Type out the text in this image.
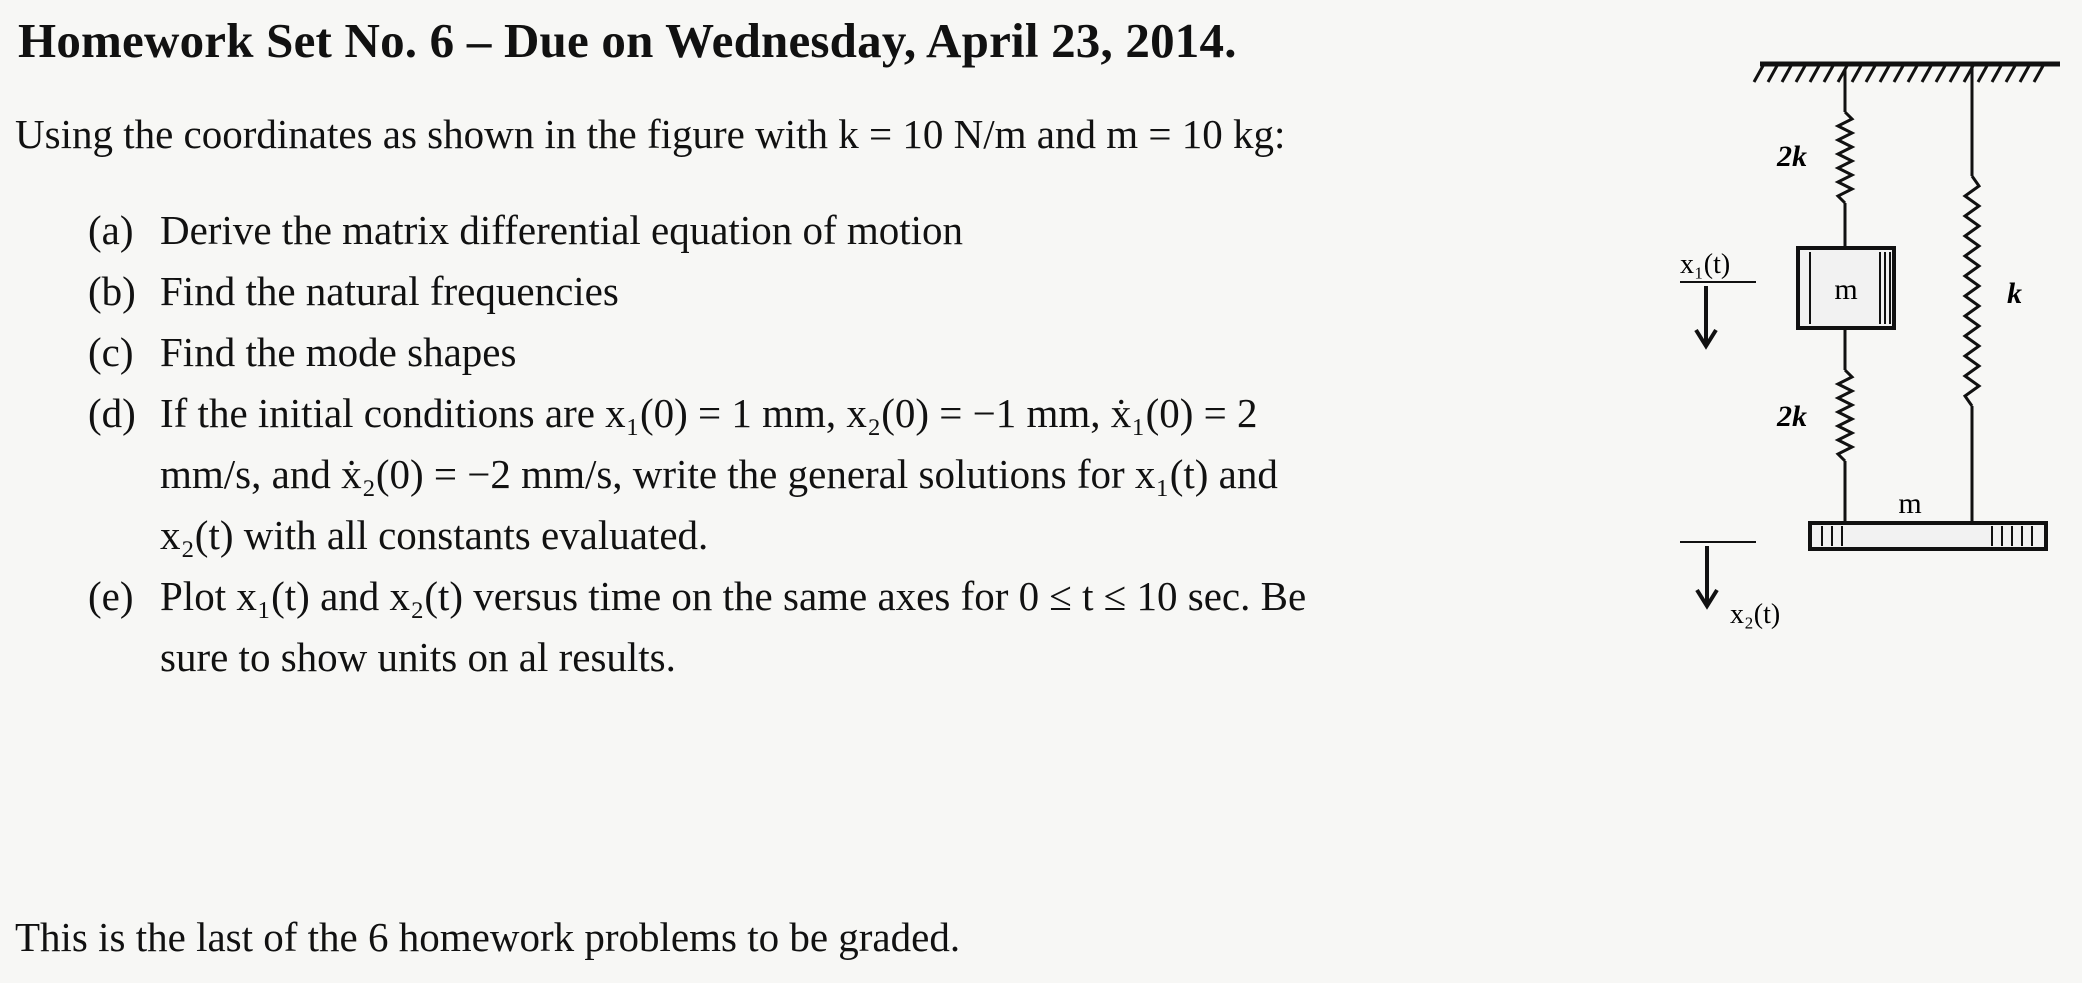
Homework Set No. 6 – Due on Wednesday, April 23, 2014.
Using the coordinates as shown in the figure with k = 10 N/m and m = 10 kg:
(a) Derive the matrix differential equation of motion
(b) Find the natural frequencies
(c) Find the mode shapes
(d) If the initial conditions are x₁(0) = 1 mm, x₂(0) = −1 mm, ẋ₁(0) = 2
mm/s, and ẋ₂(0) = −2 mm/s, write the general solutions for x₁(t) and
x₂(t) with all constants evaluated.
(e) Plot x₁(t) and x₂(t) versus time on the same axes for 0 ≤ t ≤ 10 sec. Be
sure to show units on al results.
This is the last of the 6 homework problems to be graded.
m
m
x₁(t)
x₂(t)
2k
2k
k
